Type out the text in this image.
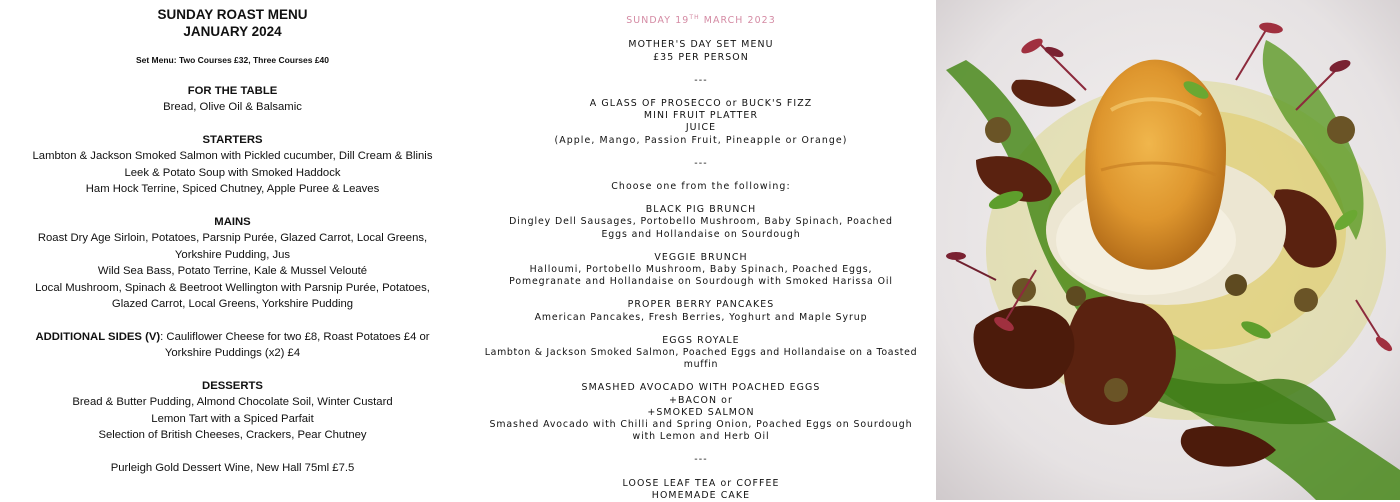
SUNDAY ROAST MENU

JANUARY 2024

Set Menu: Two Courses £32, Three Courses £40

FOR THE TABLE

Bread, Olive Oil & Balsamic

STARTERS

Lambton & Jackson Smoked Salmon with Pickled cucumber, Dill Cream & Blinis

Leek & Potato Soup with Smoked Haddock

Ham Hock Terrine, Spiced Chutney, Apple Puree & Leaves

MAINS

Roast Dry Age Sirloin, Potatoes, Parsnip Purée, Glazed Carrot, Local Greens, Yorkshire Pudding, Jus

Wild Sea Bass, Potato Terrine, Kale & Mussel Velouté

Local Mushroom, Spinach & Beetroot Wellington with Parsnip Purée, Potatoes, Glazed Carrot, Local Greens, Yorkshire Pudding

ADDITIONAL SIDES (V): Cauliflower Cheese for two £8, Roast Potatoes £4 or Yorkshire Puddings (x2) £4

DESSERTS

Bread & Butter Pudding, Almond Chocolate Soil, Winter Custard

Lemon Tart with a Spiced Parfait

Selection of British Cheeses, Crackers, Pear Chutney

Purleigh Gold Dessert Wine, New Hall 75ml £7.5

SUNDAY 19TH MARCH 2023

MOTHER'S DAY SET MENU

£35 PER PERSON

---

A GLASS OF PROSECCO or BUCK'S FIZZ

MINI FRUIT PLATTER

JUICE

(Apple, Mango, Passion Fruit, Pineapple or Orange)

---

Choose one from the following:

BLACK PIG BRUNCH

Dingley Dell Sausages, Portobello Mushroom, Baby Spinach, Poached Eggs and Hollandaise on Sourdough

VEGGIE BRUNCH

Halloumi, Portobello Mushroom, Baby Spinach, Poached Eggs, Pomegranate and Hollandaise on Sourdough with Smoked Harissa Oil

PROPER BERRY PANCAKES

American Pancakes, Fresh Berries, Yoghurt and Maple Syrup

EGGS ROYALE

Lambton & Jackson Smoked Salmon, Poached Eggs and Hollandaise on a Toasted muffin

SMASHED AVOCADO WITH POACHED EGGS

+BACON or

+SMOKED SALMON

Smashed Avocado with Chilli and Spring Onion, Poached Eggs on Sourdough with Lemon and Herb Oil

---

LOOSE LEAF TEA or COFFEE

HOMEMADE CAKE
